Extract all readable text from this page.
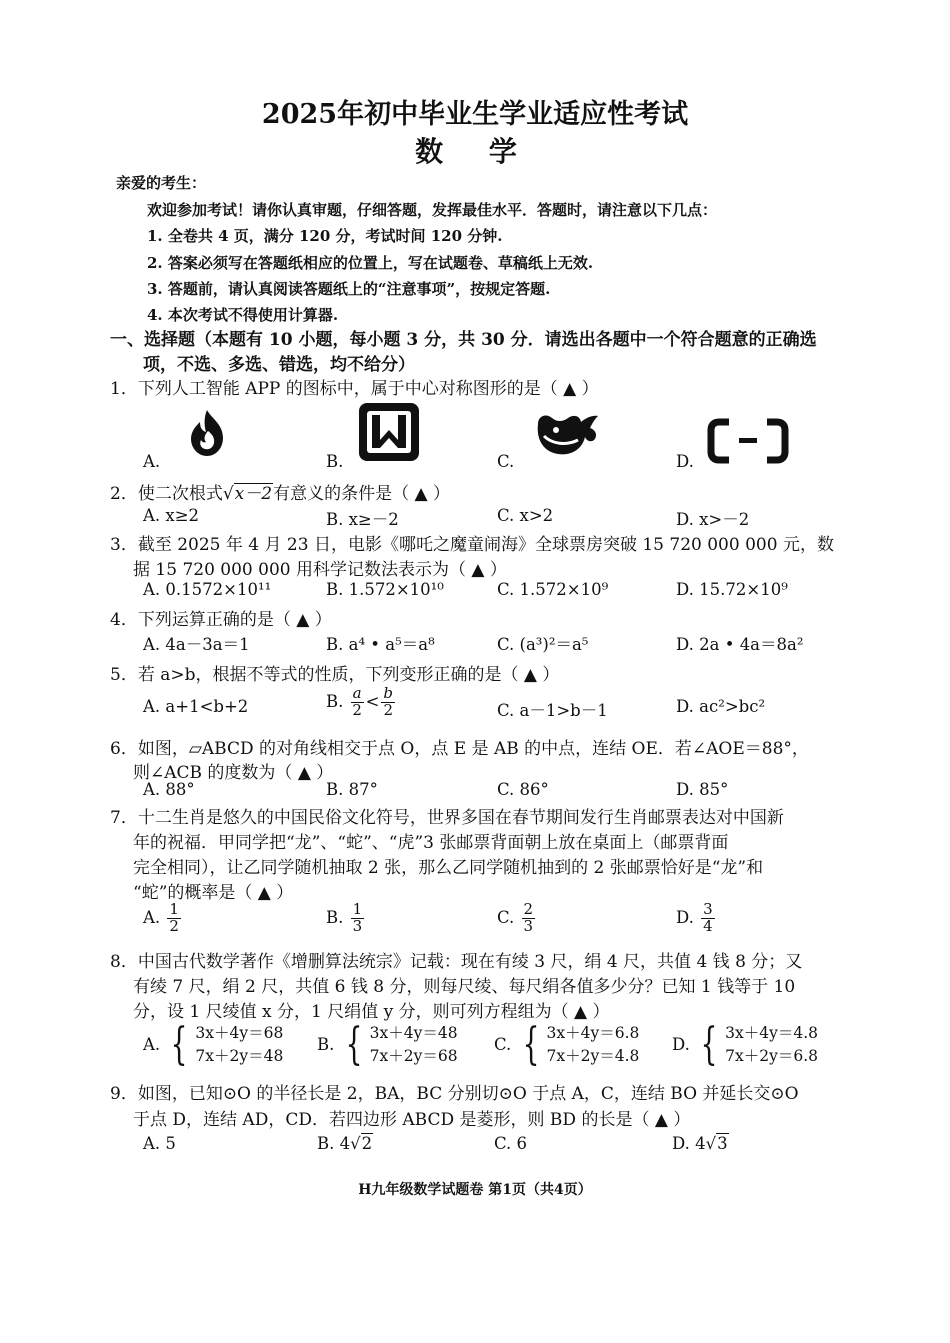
2025年初中毕业生学业适应性考试
数 学
亲爱的考生：
欢迎参加考试！请你认真审题，仔细答题，发挥最佳水平．答题时，请注意以下几点：
1. 全卷共 4 页，满分 120 分，考试时间 120 分钟.
2. 答案必须写在答题纸相应的位置上，写在试题卷、草稿纸上无效.
3. 答题前，请认真阅读答题纸上的“注意事项”，按规定答题.
4. 本次考试不得使用计算器.
一、选择题（本题有 10 小题，每小题 3 分，共 30 分．请选出各题中一个符合题意的正确选
项，不选、多选、错选，均不给分）
1．下列人工智能 APP 的图标中，属于中心对称图形的是（ ▲ ）
A.	B.	C.	D.
2．使二次根式√x－2有意义的条件是（ ▲ ）
A. x≥2	B. x≥－2	C. x>2	D. x>－2
3．截至 2025 年 4 月 23 日，电影《哪吒之魔童闹海》全球票房突破 15 720 000 000 元，数
据 15 720 000 000 用科学记数法表示为（ ▲ ）
A. 0.1572×10¹¹	B. 1.572×10¹⁰	C. 1.572×10⁹	D. 15.72×10⁹
4．下列运算正确的是（ ▲ ）
A. 4a－3a＝1	B. a⁴ • a⁵＝a⁸	C. (a³)²＝a⁵	D. 2a • 4a＝8a²
5．若 a>b，根据不等式的性质，下列变形正确的是（ ▲ ）
A. a+1<b+2	B. $\frac{a}{2} < \frac{b}{2}$	C. a－1>b－1	D. ac²>bc²
6．如图，▱ABCD 的对角线相交于点 O，点 E 是 AB 的中点，连结 OE．若∠AOE＝88°，
则∠ACB 的度数为（ ▲ ）
A. 88°	B. 87°	C. 86°	D. 85°
7．十二生肖是悠久的中国民俗文化符号，世界多国在春节期间发行生肖邮票表达对中国新
年的祝福．甲同学把“龙”、“蛇”、“虎”3 张邮票背面朝上放在桌面上（邮票背面
完全相同），让乙同学随机抽取 2 张，那么乙同学随机抽到的 2 张邮票恰好是“龙”和
“蛇”的概率是（ ▲ ）
A. $\frac{1}{2}$	B. $\frac{1}{3}$	C. $\frac{2}{3}$	D. $\frac{3}{4}$
8．中国古代数学著作《增删算法统宗》记载：现在有绫 3 尺，绢 4 尺，共值 4 钱 8 分；又
有绫 7 尺，绢 2 尺，共值 6 钱 8 分，则每尺绫、每尺绢各值多少分？已知 1 钱等于 10
分，设 1 尺绫值 x 分，1 尺绢值 y 分，则可列方程组为（ ▲ ）
A. { 3x＋4y＝68
7x＋2y＝48
B. { 3x＋4y＝48
7x＋2y＝68
C. { 3x＋4y＝6.8
7x＋2y＝4.8
D. { 3x＋4y＝4.8
7x＋2y＝6.8
9．如图，已知⊙O 的半径长是 2，BA，BC 分别切⊙O 于点 A，C，连结 BO 并延长交⊙O
于点 D，连结 AD，CD．若四边形 ABCD 是菱形，则 BD 的长是（ ▲ ）
A. 5	B. 4√2	C. 6	D. 4√3
H九年级数学试题卷 第1页（共4页）
